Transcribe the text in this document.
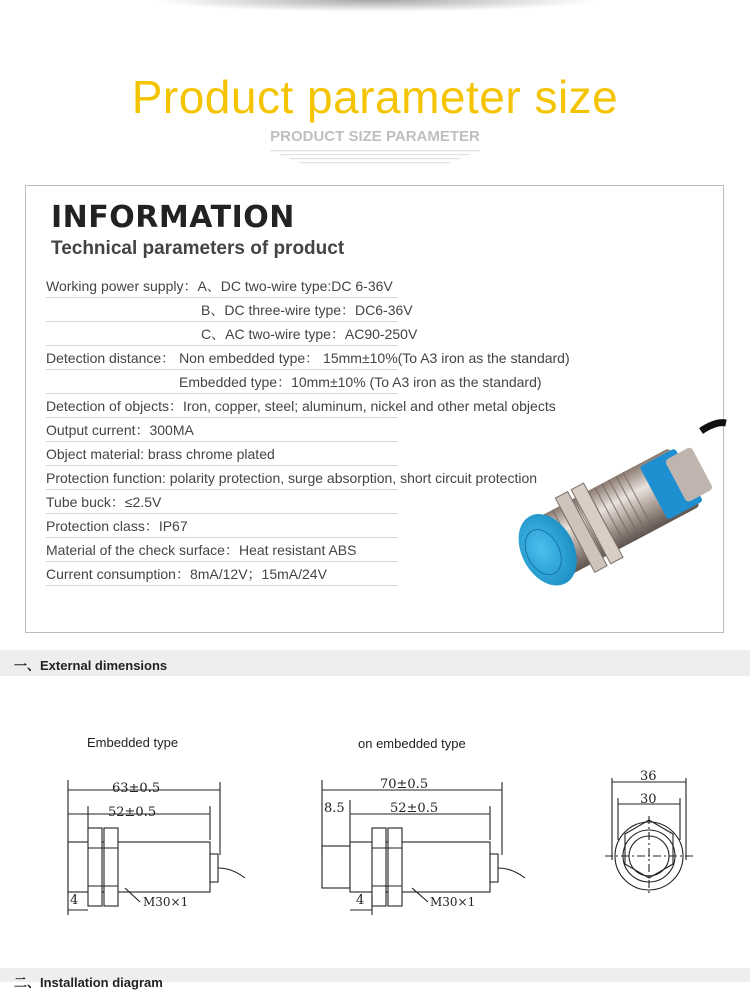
Product parameter size
PRODUCT SIZE PARAMETER
INFORMATION
Technical parameters of product
Working power supply：A、DC two-wire type:DC 6-36V
B、DC three-wire type：DC6-36V
C、AC two-wire type：AC90-250V
Detection distance： Non embedded type： 15mm±10%(To A3 iron as the standard)
Embedded type：10mm±10% (To A3 iron as the standard)
Detection of objects：Iron, copper, steel; aluminum, nickel and other metal objects
Output current：300MA
Object material: brass chrome plated
Protection function: polarity protection, surge absorption, short circuit protection
Tube buck：≤2.5V
Protection class：IP67
Material of the check surface：Heat resistant ABS
Current consumption：8mA/12V；15mA/24V
一、External dimensions
Embedded type	on embedded type
63±0.5
52±0.5
4	M30×1
70±0.5
52±0.5
8.5
4	M30×1
36
30
二、Installation diagram
